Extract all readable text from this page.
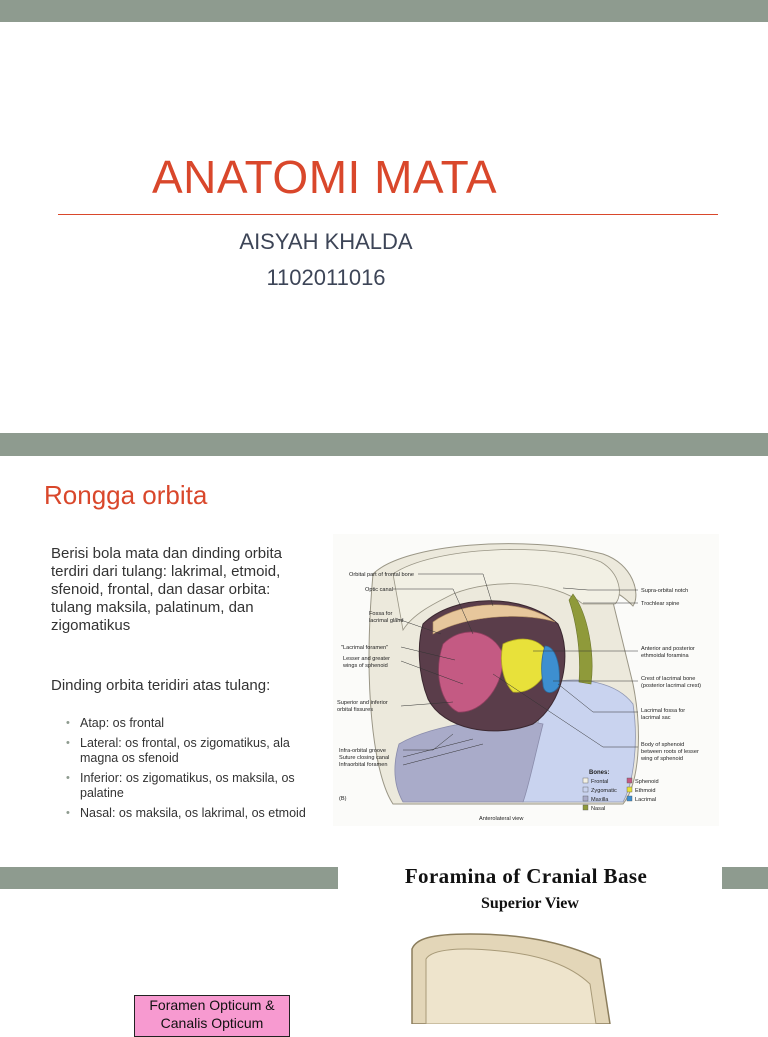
ANATOMI MATA
AISYAH KHALDA
1102011016
Rongga orbita
Berisi bola mata dan dinding orbita terdiri dari tulang: lakrimal, etmoid, sfenoid, frontal, dan dasar orbita: tulang maksila, palatinum, dan zigomatikus
Dinding orbita teridiri atas tulang:
• Atap: os frontal
• Lateral: os frontal, os zigomatikus, ala magna os sfenoid
• Inferior: os zigomatikus, os maksila, os palatine
• Nasal: os maksila, os lakrimal, os etmoid
Orbital part of frontal bone
Optic canal
Fossa for
lacrimal gland
"Lacrimal foramen"
Lesser and greater
wings of sphenoid
Superior and inferior
orbital fissures
Infra-orbital groove
Suture closing canal
Infraorbital foramen
(B)
Supra-orbital notch
Trochlear spine
Anterior and posterior
ethmoidal foramina
Crest of lacrimal bone
(posterior lacrimal crest)
Lacrimal fossa for
lacrimal sac
Body of sphenoid
between roots of lesser
wing of sphenoid
Anterolateral view
Bones:
Frontal	Sphenoid
Zygomatic	Ethmoid
Maxilla	Lacrimal
Nasal
Foramina of Cranial Base
Superior View
Foramen Opticum & Canalis Opticum
